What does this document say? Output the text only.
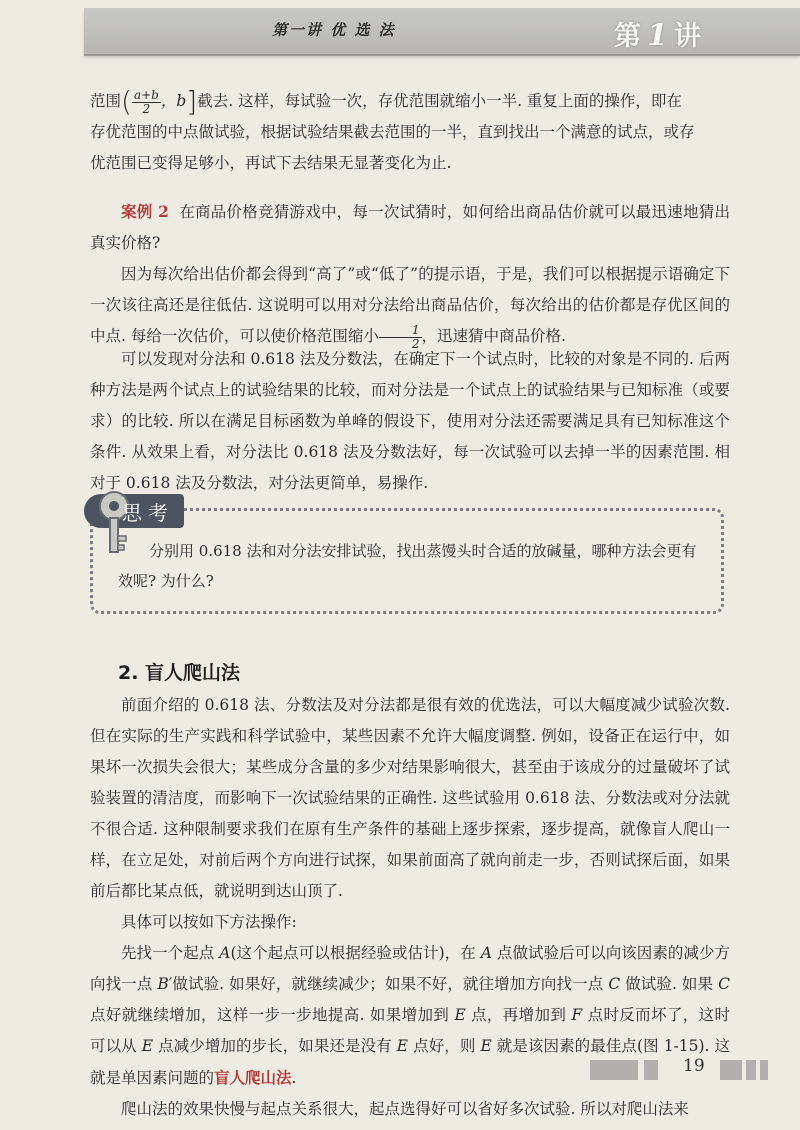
第一讲 优 选 法	第1讲

范围( $\frac{a+b}{2}$ ，b]截去. 这样，每试验一次，存优范围就缩小一半. 重复上面的操作，即在

存优范围的中点做试验，根据试验结果截去范围的一半，直到找出一个满意的试点，或存

优范围已变得足够小，再试下去结果无显著变化为止.

案例 2 在商品价格竞猜游戏中，每一次试猜时，如何给出商品估价就可以最迅速地猜出真实价格?

因为每次给出估价都会得到“高了”或“低了”的提示语，于是，我们可以根据提示语确定下一次该往高还是往低估. 这说明可以用对分法给出商品估价，每次给出的估价都是存优区间的中点. 每给一次估价，可以使价格范围缩小 $\frac{1}{2}$ ，迅速猜中商品价格.

可以发现对分法和 0.618 法及分数法，在确定下一个试点时，比较的对象是不同的. 后两种方法是两个试点上的试验结果的比较，而对分法是一个试点上的试验结果与已知标准（或要求）的比较. 所以在满足目标函数为单峰的假设下，使用对分法还需要满足具有已知标准这个条件. 从效果上看，对分法比 0.618 法及分数法好，每一次试验可以去掉一半的因素范围. 相对于 0.618 法及分数法，对分法更简单，易操作.

思考

分别用 0.618 法和对分法安排试验，找出蒸馒头时合适的放碱量，哪种方法会更有效呢? 为什么?

2. 盲人爬山法

前面介绍的 0.618 法、分数法及对分法都是很有效的优选法，可以大幅度减少试验次数. 但在实际的生产实践和科学试验中，某些因素不允许大幅度调整. 例如，设备正在运行中，如果坏一次损失会很大；某些成分含量的多少对结果影响很大，甚至由于该成分的过量破坏了试验装置的清洁度，而影响下一次试验结果的正确性. 这些试验用 0.618 法、分数法或对分法就不很合适. 这种限制要求我们在原有生产条件的基础上逐步探索，逐步提高，就像盲人爬山一样，在立足处，对前后两个方向进行试探，如果前面高了就向前走一步，否则试探后面，如果前后都比某点低，就说明到达山顶了.

具体可以按如下方法操作:

先找一个起点 A(这个起点可以根据经验或估计)，在 A 点做试验后可以向该因素的减少方向找一点 B′做试验. 如果好，就继续减少；如果不好，就往增加方向找一点 C 做试验. 如果 C 点好就继续增加，这样一步一步地提高. 如果增加到 E 点，再增加到 F 点时反而坏了，这时可以从 E 点减少增加的步长，如果还是没有 E 点好，则 E 就是该因素的最佳点(图 1-15). 这就是单因素问题的盲人爬山法.

爬山法的效果快慢与起点关系很大，起点选得好可以省好多次试验. 所以对爬山法来

19
